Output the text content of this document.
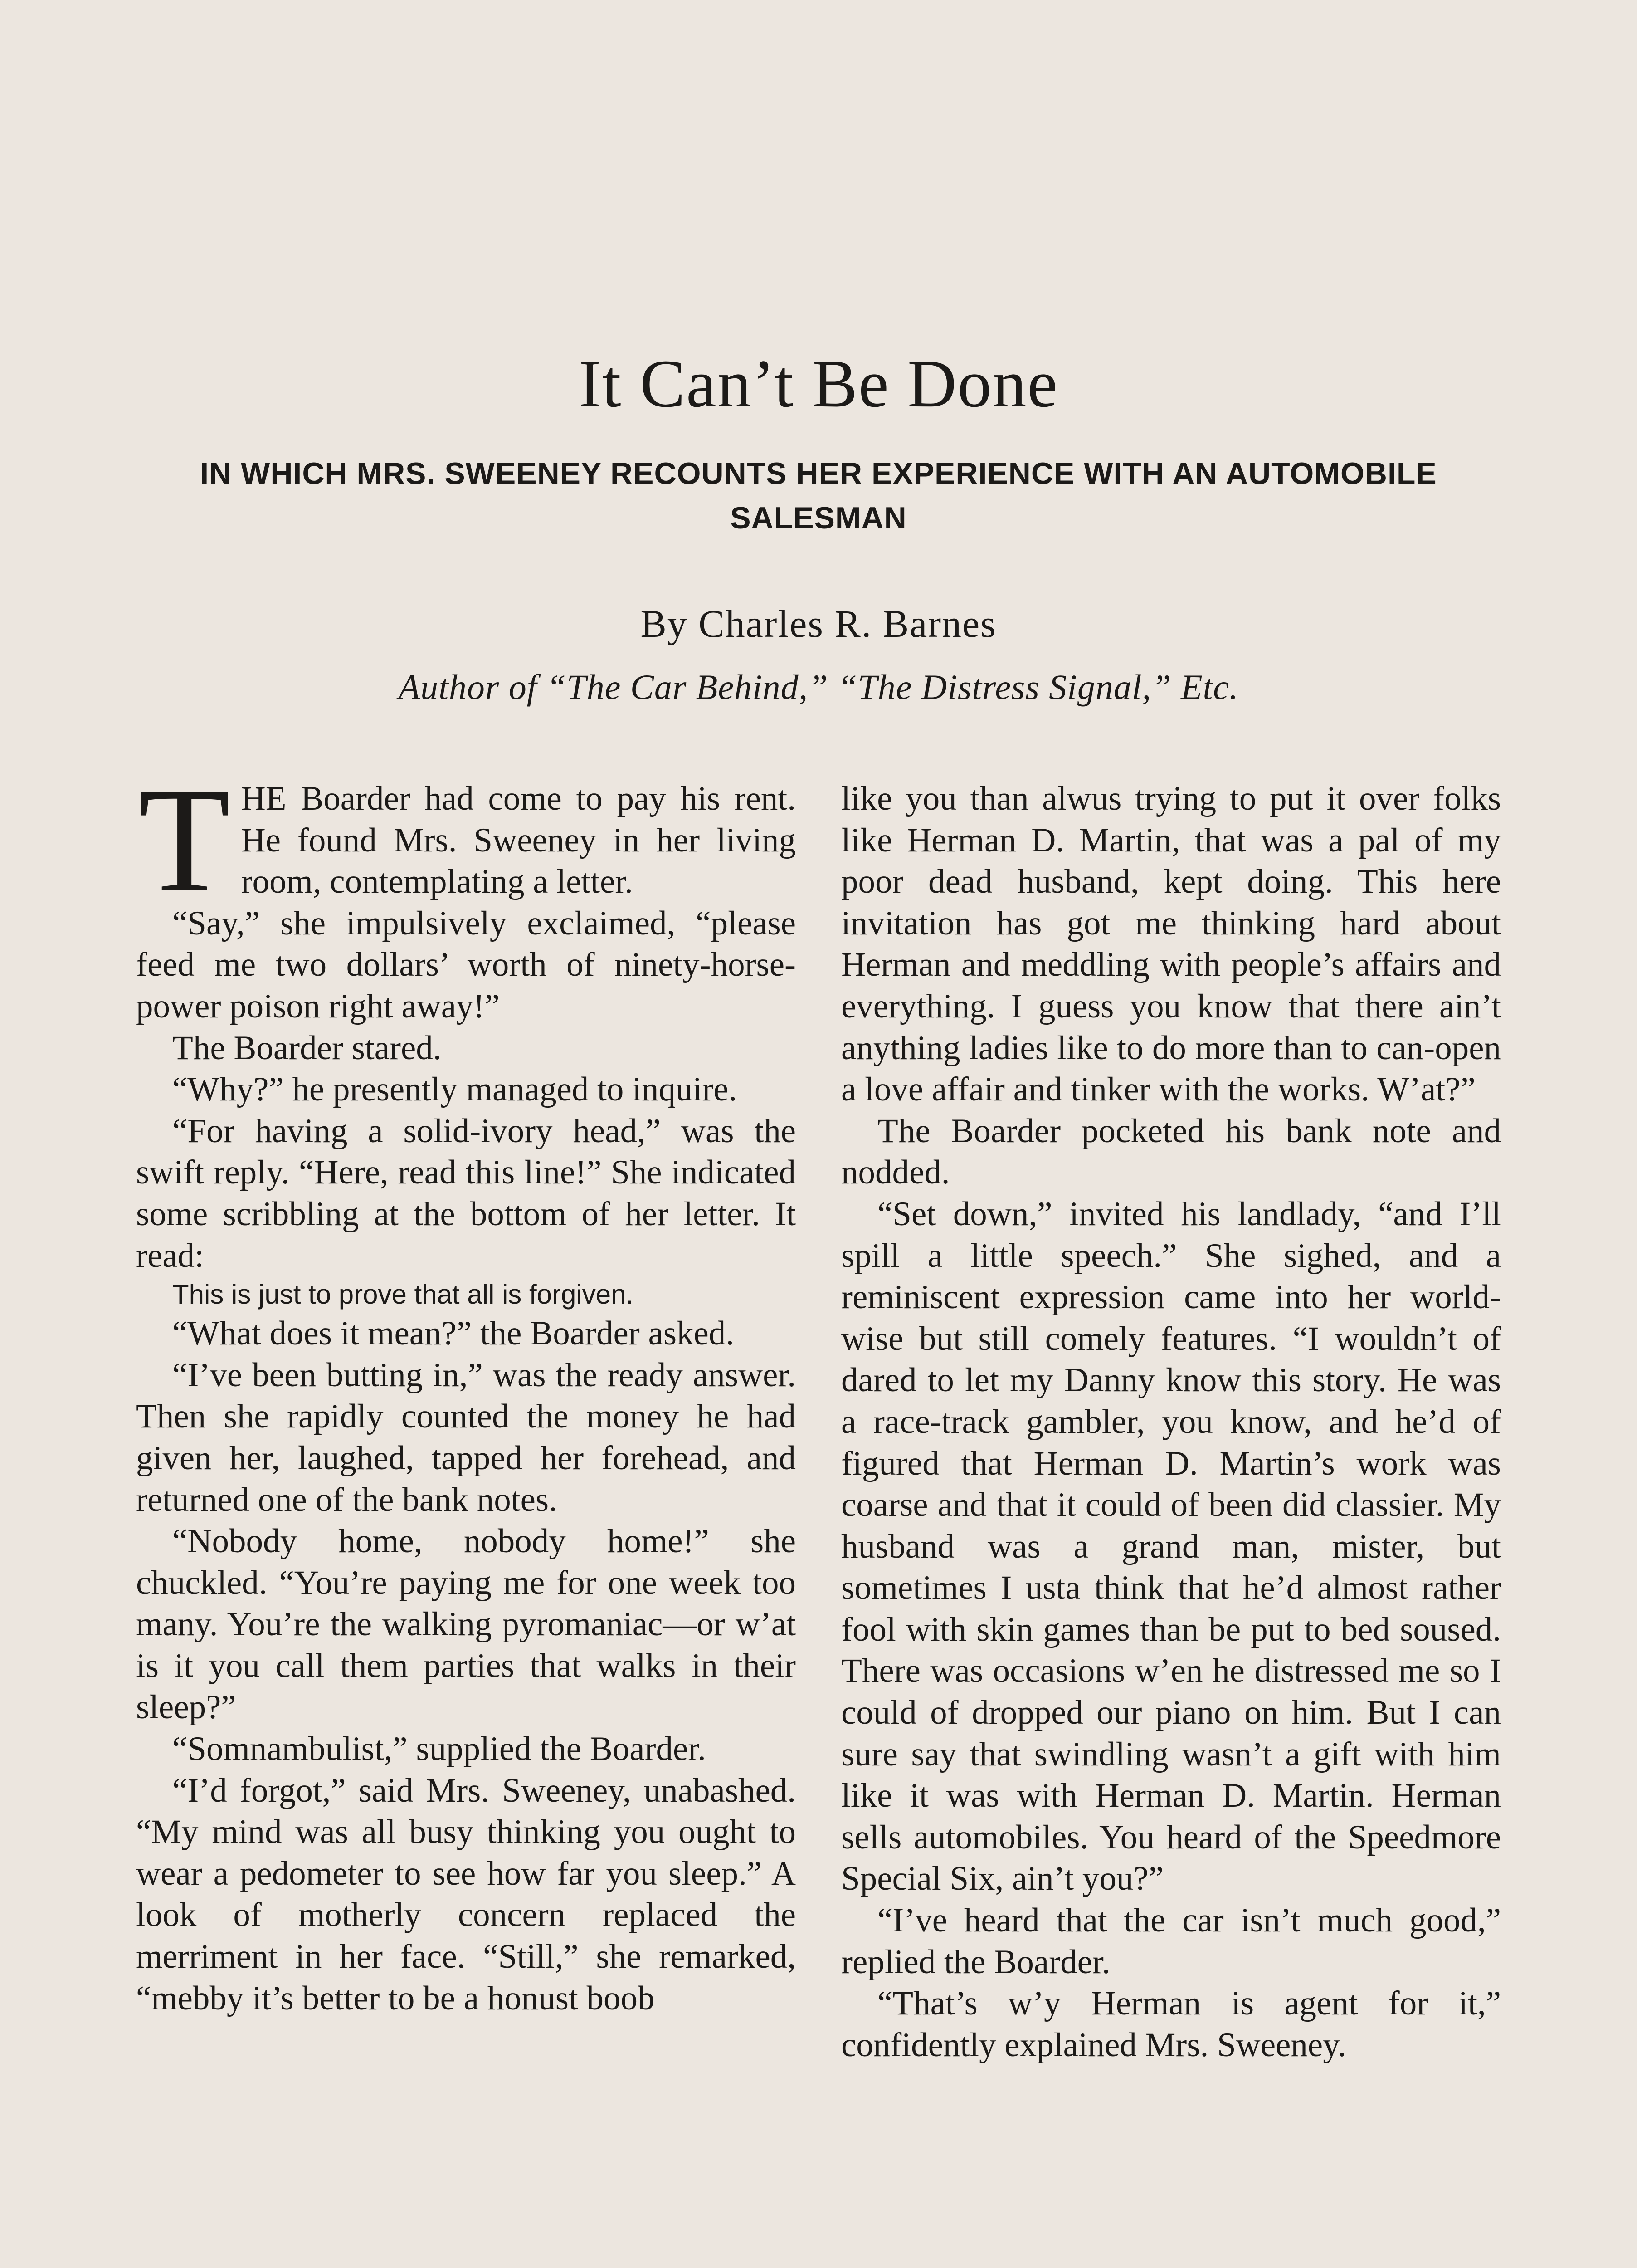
It Can’t Be Done
IN WHICH MRS. SWEENEY RECOUNTS HER EXPERIENCE WITH AN AUTOMOBILE SALESMAN
By Charles R. Barnes
Author of “The Car Behind,” “The Distress Signal,” Etc.

THE Boarder had come to pay his rent. He found Mrs. Sweeney in her living room, contemplating a letter.

“Say,” she impulsively exclaimed, “please feed me two dollars’ worth of ninety-horse-power poison right away!”

The Boarder stared.

“Why?” he presently managed to inquire.

“For having a solid-ivory head,” was the swift reply. “Here, read this line!” She indicated some scribbling at the bottom of her letter. It read:

This is just to prove that all is forgiven.

“What does it mean?” the Boarder asked.

“I’ve been butting in,” was the ready answer. Then she rapidly counted the money he had given her, laughed, tapped her forehead, and returned one of the bank notes.

“Nobody home, nobody home!” she chuckled. “You’re paying me for one week too many. You’re the walking pyromaniac—or w’at is it you call them parties that walks in their sleep?”

“Somnambulist,” supplied the Boarder.

“I’d forgot,” said Mrs. Sweeney, unabashed. “My mind was all busy thinking you ought to wear a pedometer to see how far you sleep.” A look of motherly concern replaced the merriment in her face. “Still,” she remarked, “mebby it’s better to be a honust boob

like you than alwus trying to put it over folks like Herman D. Martin, that was a pal of my poor dead husband, kept doing. This here invitation has got me thinking hard about Herman and meddling with people’s affairs and everything. I guess you know that there ain’t anything ladies like to do more than to can-open a love affair and tinker with the works. W’at?”

The Boarder pocketed his bank note and nodded.

“Set down,” invited his landlady, “and I’ll spill a little speech.” She sighed, and a reminiscent expression came into her world-wise but still comely features. “I wouldn’t of dared to let my Danny know this story. He was a race-track gambler, you know, and he’d of figured that Herman D. Martin’s work was coarse and that it could of been did classier. My husband was a grand man, mister, but sometimes I usta think that he’d almost rather fool with skin games than be put to bed soused. There was occasions w’en he distressed me so I could of dropped our piano on him. But I can sure say that swindling wasn’t a gift with him like it was with Herman D. Martin. Herman sells automobiles. You heard of the Speedmore Special Six, ain’t you?”

“I’ve heard that the car isn’t much good,” replied the Boarder.

“That’s w’y Herman is agent for it,” confidently explained Mrs. Sweeney.
